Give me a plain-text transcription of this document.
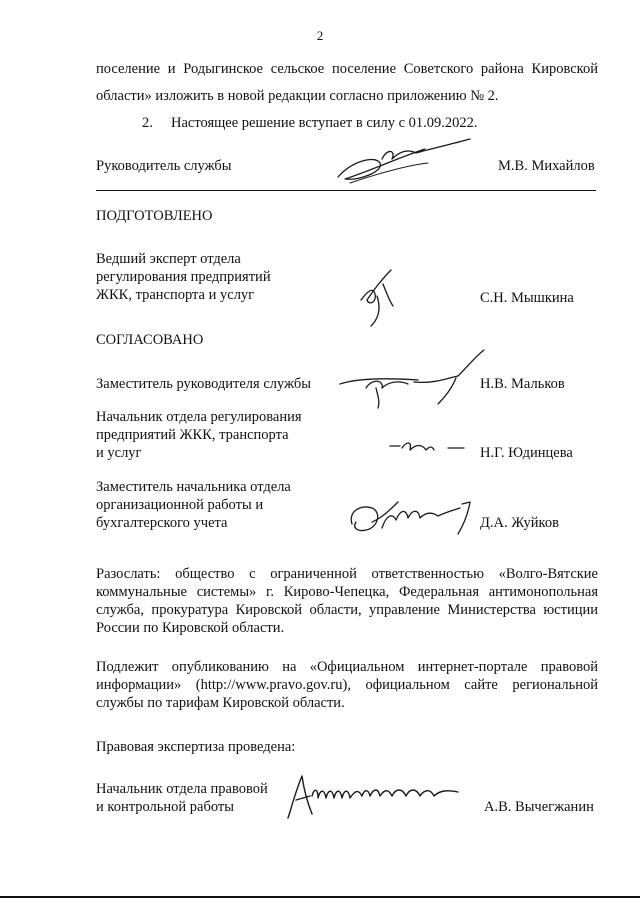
2
поселение и Родыгинское сельское поселение Советского района Кировской
области» изложить в новой редакции согласно приложению № 2.
2. Настоящее решение вступает в силу с 01.09.2022.
Руководитель службы	М.В. Михайлов
ПОДГОТОВЛЕНО
Ведший эксперт отдела
регулирования предприятий
ЖКК, транспорта и услуг	С.Н. Мышкина
СОГЛАСОВАНО
Заместитель руководителя службы	Н.В. Мальков
Начальник отдела регулирования
предприятий ЖКК, транспорта
и услуг	Н.Г. Юдинцева
Заместитель начальника отдела
организационной работы и
бухгалтерского учета	Д.А. Жуйков
Разослать: общество с ограниченной ответственностью «Волго-Вятские
коммунальные системы» г. Кирово-Чепецка, Федеральная антимонопольная
служба, прокуратура Кировской области, управление Министерства юстиции
России по Кировской области.
Подлежит опубликованию на «Официальном интернет-портале правовой
информации» (http://www.pravo.gov.ru), официальном сайте региональной
службы по тарифам Кировской области.
Правовая экспертиза проведена:
Начальник отдела правовой
и контрольной работы	А.В. Вычегжанин
